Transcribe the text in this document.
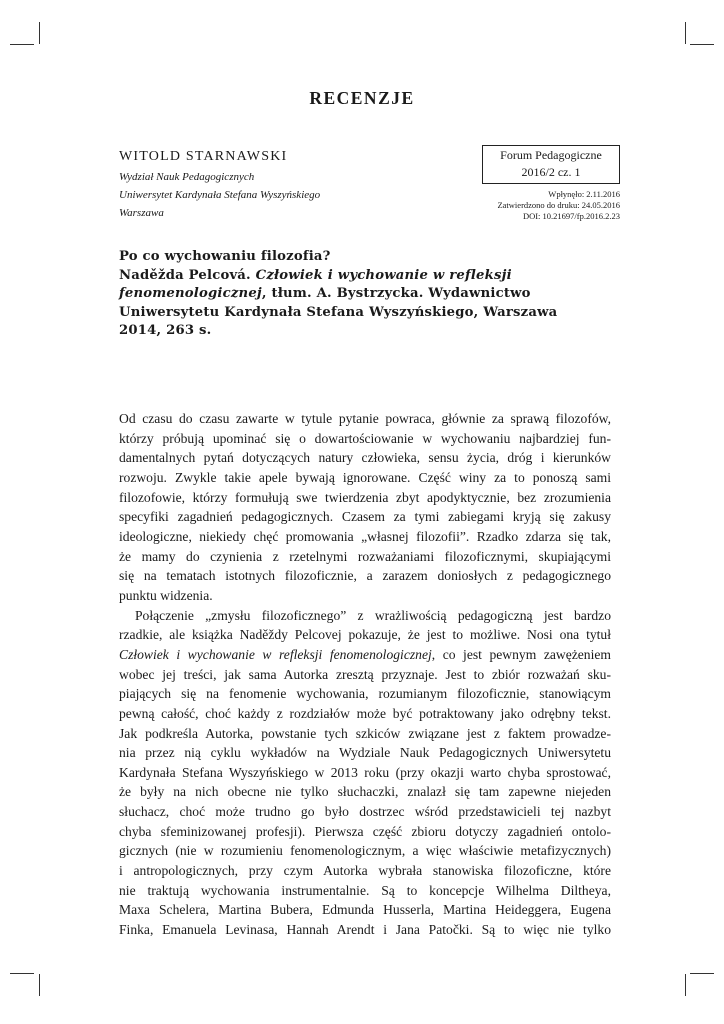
RECENZJE
WITOLD STARNAWSKI
Wydział Nauk Pedagogicznych
Uniwersytet Kardynała Stefana Wyszyńskiego
Warszawa
Forum Pedagogiczne
2016/2 cz. 1
Wpłynęło: 2.11.2016
Zatwierdzono do druku: 24.05.2016
DOI: 10.21697/fp.2016.2.23
Po co wychowaniu filozofia?
Naděžda Pelcová. Człowiek i wychowanie w refleksji
fenomenologicznej, tłum. A. Bystrzycka. Wydawnictwo
Uniwersytetu Kardynała Stefana Wyszyńskiego, Warszawa
2014, 263 s.
Od czasu do czasu zawarte w tytule pytanie powraca, głównie za sprawą filozofów,
którzy próbują upominać się o dowartościowanie w wychowaniu najbardziej fun-
damentalnych pytań dotyczących natury człowieka, sensu życia, dróg i kierunków
rozwoju. Zwykle takie apele bywają ignorowane. Część winy za to ponoszą sami
filozofowie, którzy formułują swe twierdzenia zbyt apodyktycznie, bez zrozumienia
specyfiki zagadnień pedagogicznych. Czasem za tymi zabiegami kryją się zakusy
ideologiczne, niekiedy chęć promowania „własnej filozofii”. Rzadko zdarza się tak,
że mamy do czynienia z rzetelnymi rozważaniami filozoficznymi, skupiającymi
się na tematach istotnych filozoficznie, a zarazem doniosłych z pedagogicznego
punktu widzenia.
Połączenie „zmysłu filozoficznego” z wrażliwością pedagogiczną jest bardzo
rzadkie, ale książka Naděždy Pelcovej pokazuje, że jest to możliwe. Nosi ona tytuł
Człowiek i wychowanie w refleksji fenomenologicznej, co jest pewnym zawężeniem
wobec jej treści, jak sama Autorka zresztą przyznaje. Jest to zbiór rozważań sku-
piających się na fenomenie wychowania, rozumianym filozoficznie, stanowiącym
pewną całość, choć każdy z rozdziałów może być potraktowany jako odrębny tekst.
Jak podkreśla Autorka, powstanie tych szkiców związane jest z faktem prowadze-
nia przez nią cyklu wykładów na Wydziale Nauk Pedagogicznych Uniwersytetu
Kardynała Stefana Wyszyńskiego w 2013 roku (przy okazji warto chyba sprostować,
że były na nich obecne nie tylko słuchaczki, znalazł się tam zapewne niejeden
słuchacz, choć może trudno go było dostrzec wśród przedstawicieli tej nazbyt
chyba sfeminizowanej profesji). Pierwsza część zbioru dotyczy zagadnień ontolo-
gicznych (nie w rozumieniu fenomenologicznym, a więc właściwie metafizycznych)
i antropologicznych, przy czym Autorka wybrała stanowiska filozoficzne, które
nie traktują wychowania instrumentalnie. Są to koncepcje Wilhelma Diltheya,
Maxa Schelera, Martina Bubera, Edmunda Husserla, Martina Heideggera, Eugena
Finka, Emanuela Levinasa, Hannah Arendt i Jana Patočki. Są to więc nie tylko
